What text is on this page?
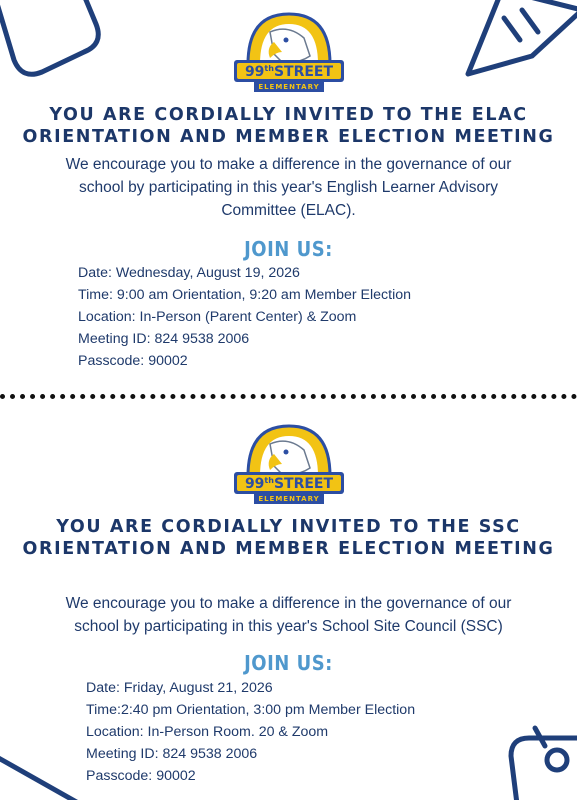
99thSTREET
ELEMENTARY
YOU ARE CORDIALLY INVITED TO THE ELAC
ORIENTATION AND MEMBER ELECTION MEETING
We encourage you to make a difference in the governance of our
school by participating in this year's English Learner Advisory
Committee (ELAC).
JOIN US:
Date: Wednesday, August 19, 2026
Time: 9:00 am Orientation, 9:20 am Member Election
Location: In-Person (Parent Center) & Zoom
Meeting ID: 824 9538 2006
Passcode: 90002
99thSTREET
ELEMENTARY
YOU ARE CORDIALLY INVITED TO THE SSC
ORIENTATION AND MEMBER ELECTION MEETING
We encourage you to make a difference in the governance of our
school by participating in this year's School Site Council (SSC)
JOIN US:
Date: Friday, August 21, 2026
Time:2:40 pm Orientation, 3:00 pm Member Election
Location: In-Person Room. 20 & Zoom
Meeting ID: 824 9538 2006
Passcode: 90002
